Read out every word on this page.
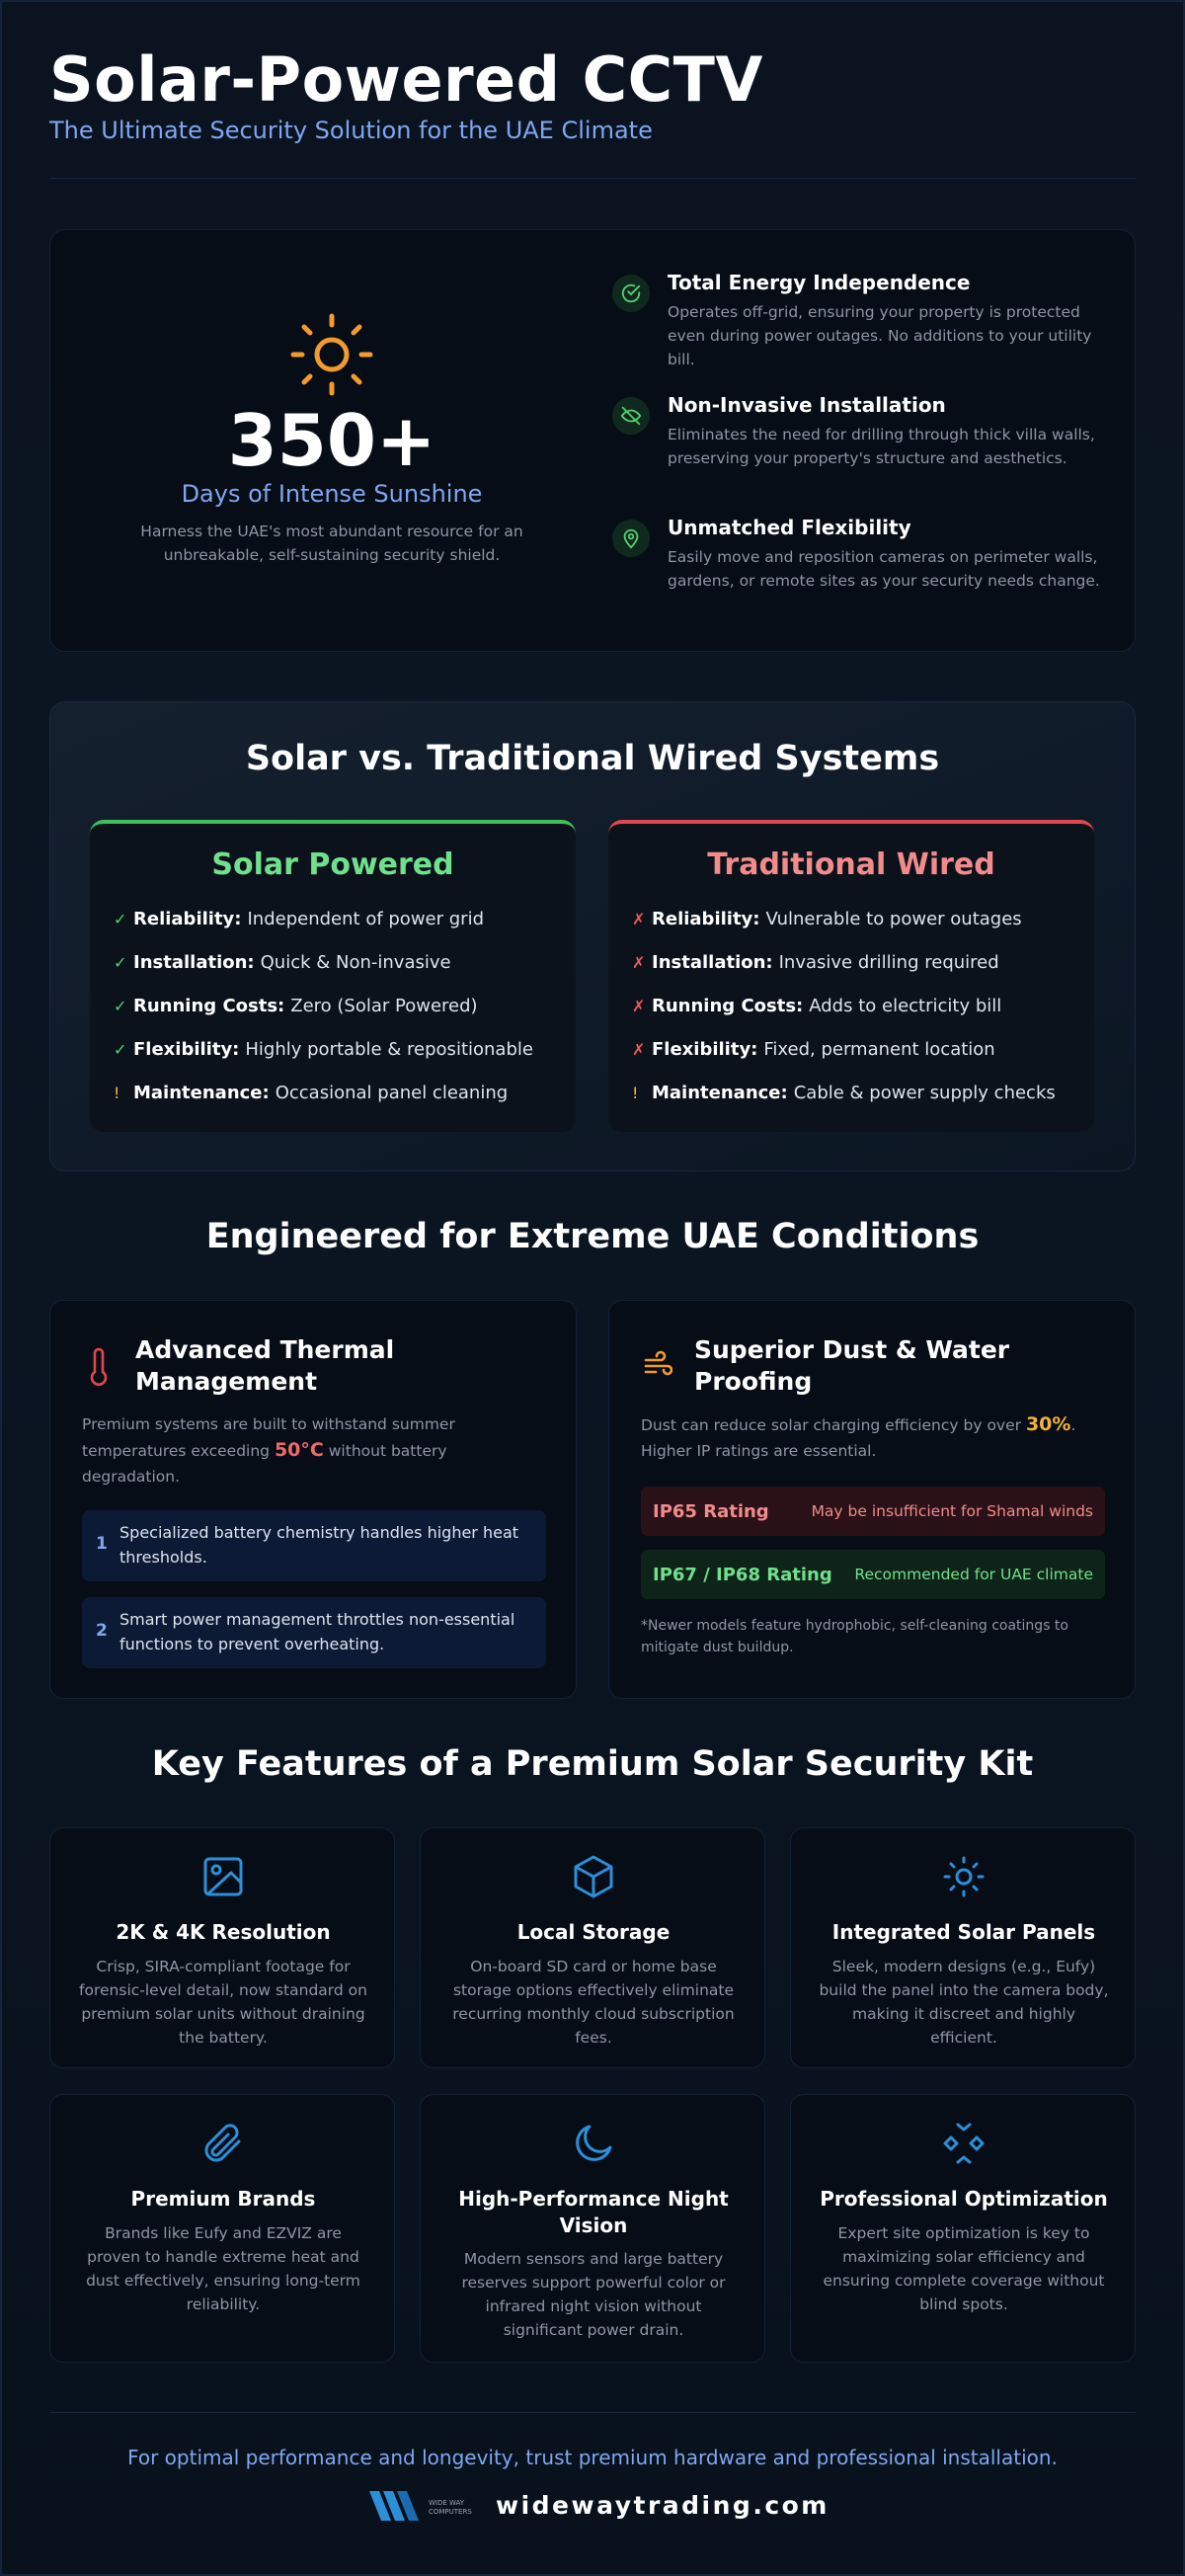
Solar-Powered CCTV
The Ultimate Security Solution for the UAE Climate
350+
Days of Intense Sunshine
Harness the UAE's most abundant resource for an unbreakable, self-sustaining security shield.
Total Energy Independence
Operates off-grid, ensuring your property is protected even during power outages. No additions to your utility bill.
Non-Invasive Installation
Eliminates the need for drilling through thick villa walls, preserving your property's structure and aesthetics.
Unmatched Flexibility
Easily move and reposition cameras on perimeter walls, gardens, or remote sites as your security needs change.
Solar vs. Traditional Wired Systems
Solar Powered
✓ Reliability: Independent of power grid
✓ Installation: Quick & Non-invasive
✓ Running Costs: Zero (Solar Powered)
✓ Flexibility: Highly portable & repositionable
! Maintenance: Occasional panel cleaning
Traditional Wired
✗ Reliability: Vulnerable to power outages
✗ Installation: Invasive drilling required
✗ Running Costs: Adds to electricity bill
✗ Flexibility: Fixed, permanent location
! Maintenance: Cable & power supply checks
Engineered for Extreme UAE Conditions
Advanced Thermal Management
Premium systems are built to withstand summer temperatures exceeding 50°C without battery degradation.
1
Specialized battery chemistry handles higher heat thresholds.
2
Smart power management throttles non-essential functions to prevent overheating.
Superior Dust & Water Proofing
Dust can reduce solar charging efficiency by over 30%. Higher IP ratings are essential.
IP65 Rating	May be insufficient for Shamal winds
IP67 / IP68 Rating Recommended for UAE climate
*Newer models feature hydrophobic, self-cleaning coatings to mitigate dust buildup.
Key Features of a Premium Solar Security Kit
2K & 4K Resolution
Crisp, SIRA-compliant footage for forensic-level detail, now standard on premium solar units without draining the battery.
Local Storage
On-board SD card or home base storage options effectively eliminate recurring monthly cloud subscription fees.
Integrated Solar Panels
Sleek, modern designs (e.g., Eufy) build the panel into the camera body, making it discreet and highly efficient.
Premium Brands
Brands like Eufy and EZVIZ are proven to handle extreme heat and dust effectively, ensuring long-term reliability.
High-Performance Night Vision
Modern sensors and large battery reserves support powerful color or infrared night vision without significant power drain.
Professional Optimization
Expert site optimization is key to maximizing solar efficiency and ensuring complete coverage without blind spots.
For optimal performance and longevity, trust premium hardware and professional installation.
WIDE WAY
COMPUTERS widewaytrading.com
